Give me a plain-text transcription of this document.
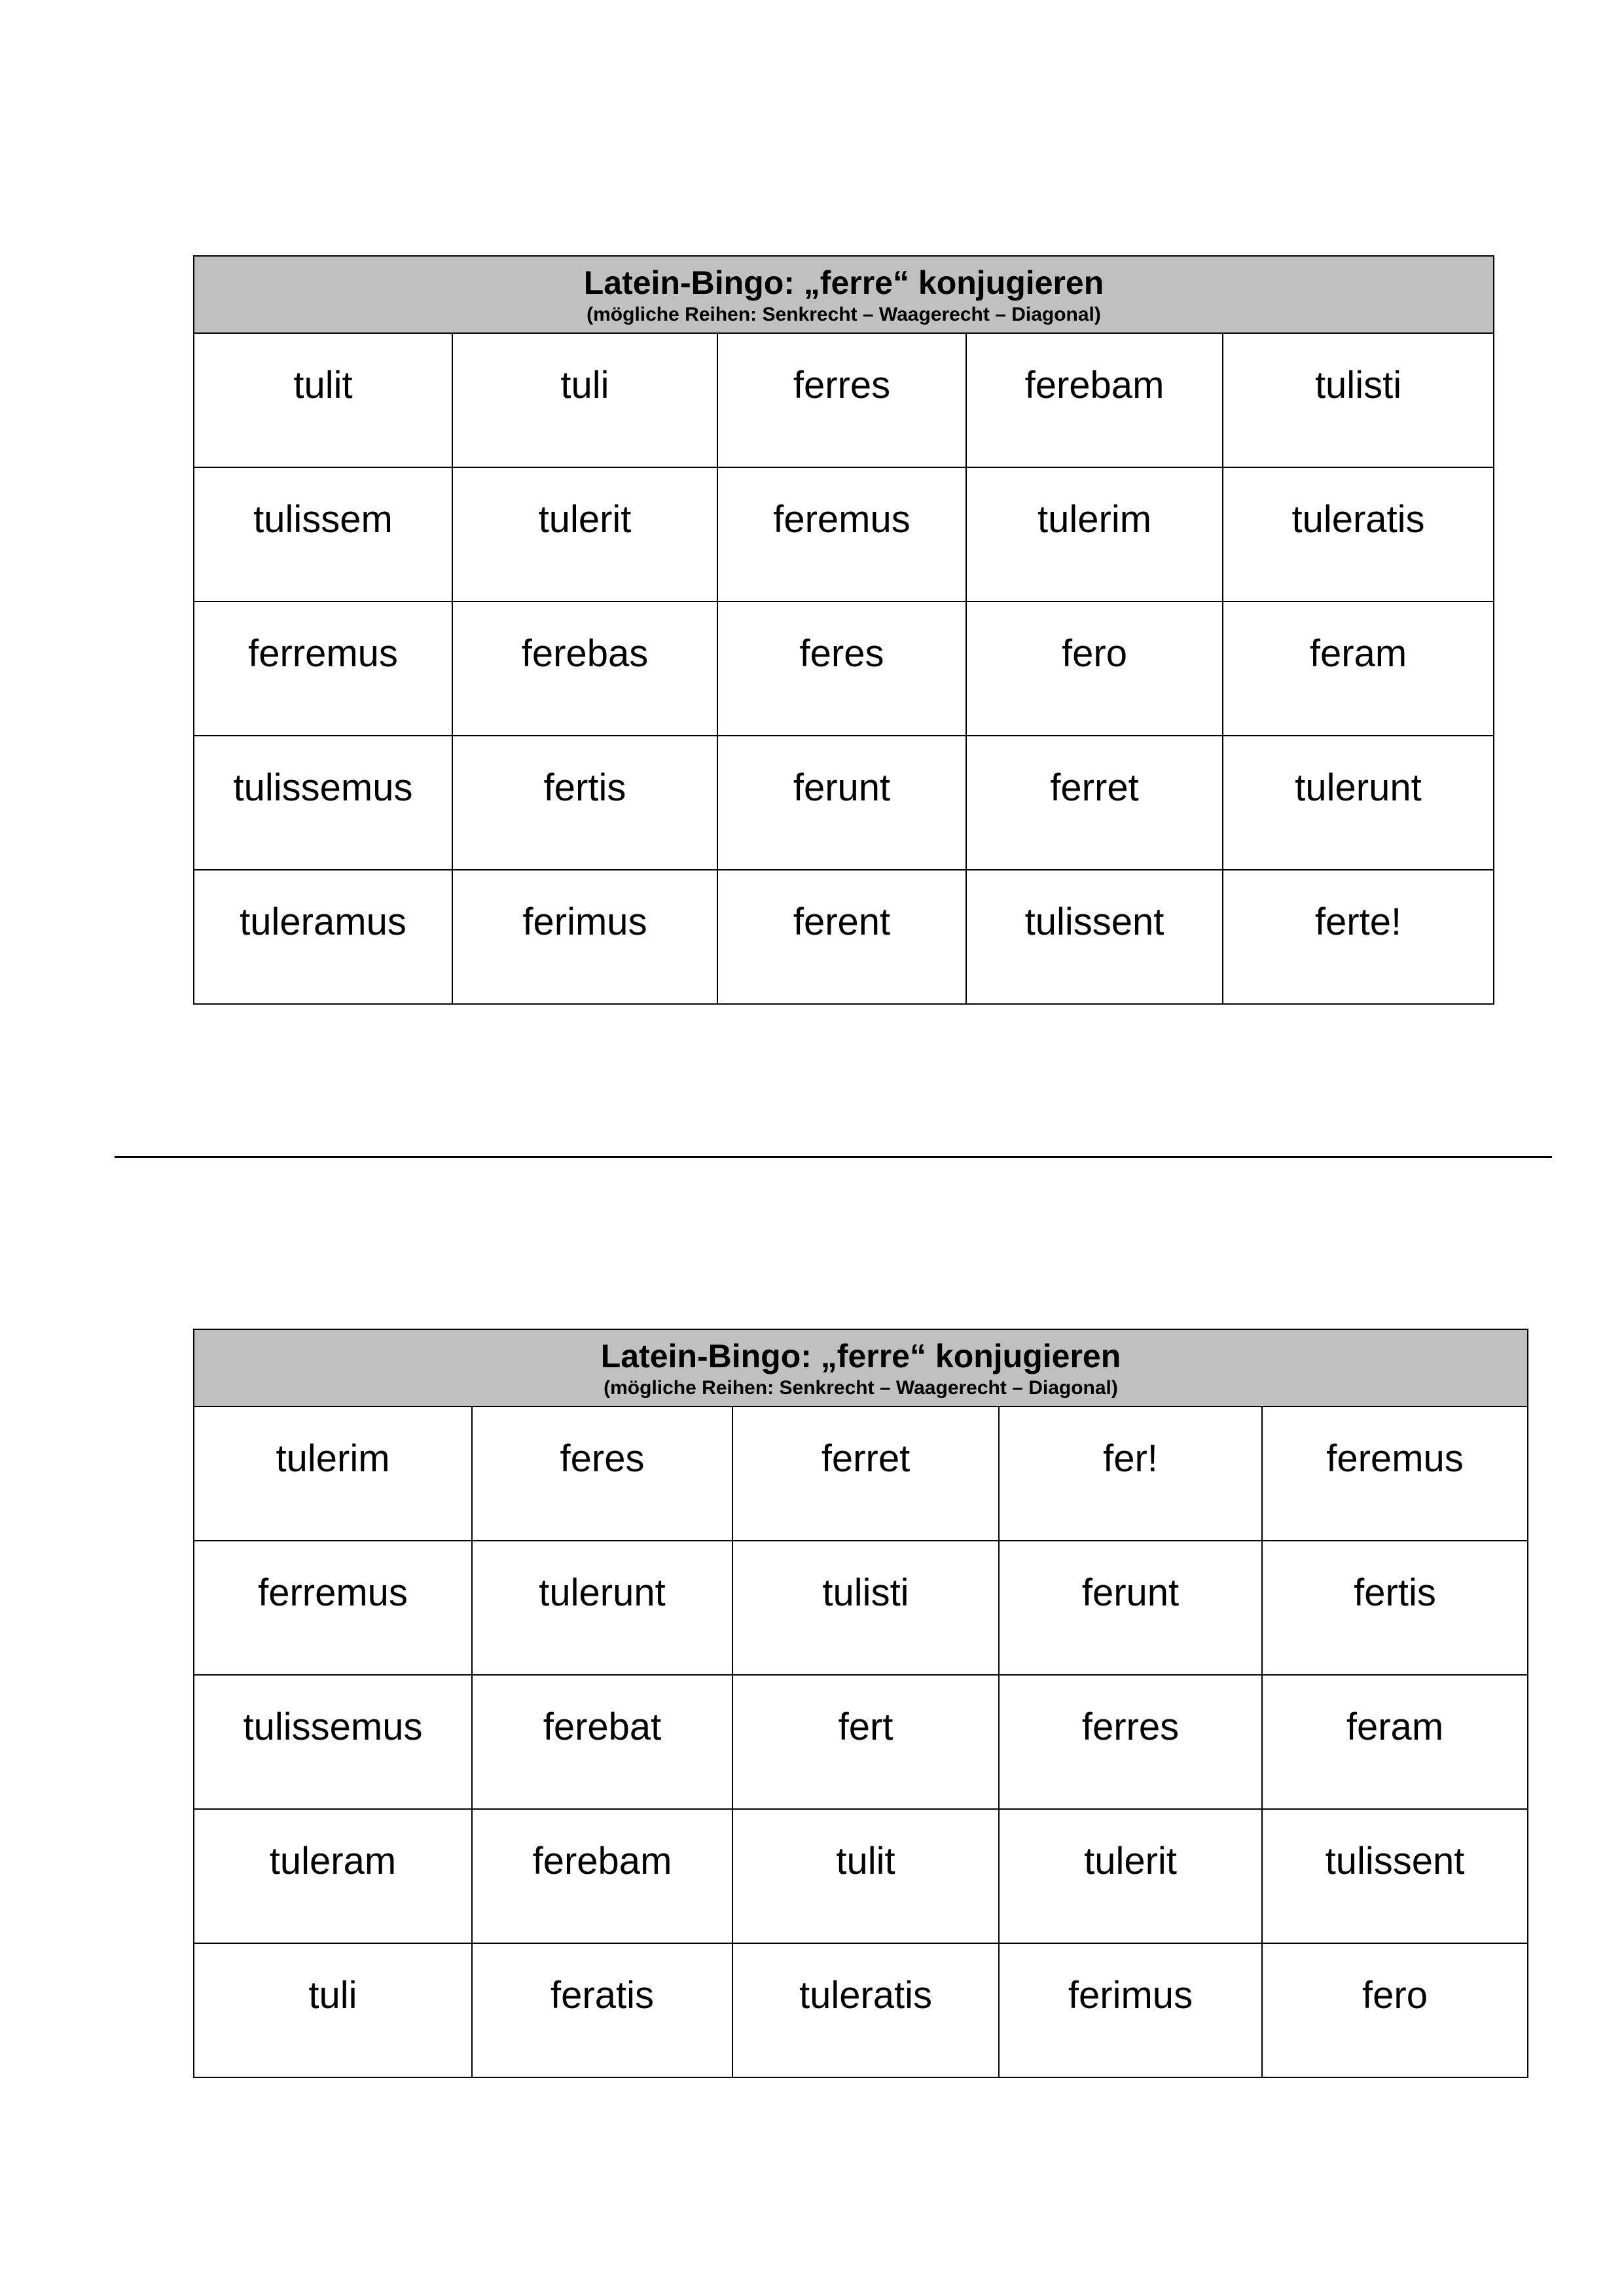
Latein-Bingo: „ferre“ konjugieren
(mögliche Reihen: Senkrecht – Waagerecht – Diagonal)				

tulit	tuli	ferres	ferebam	tulisti
tulissem	tulerit	feremus	tulerim	tuleratis
ferremus	ferebas	feres	fero	feram
tulissemus	fertis	ferunt	ferret	tulerunt
tuleramus	ferimus	ferent	tulissent	ferte!
Latein-Bingo: „ferre“ konjugieren
(mögliche Reihen: Senkrecht – Waagerecht – Diagonal)				

tulerim	feres	ferret	fer!	feremus
ferremus	tulerunt	tulisti	ferunt	fertis
tulissemus	ferebat	fert	ferres	feram
tuleram	ferebam	tulit	tulerit	tulissent
tuli	feratis	tuleratis	ferimus	fero
